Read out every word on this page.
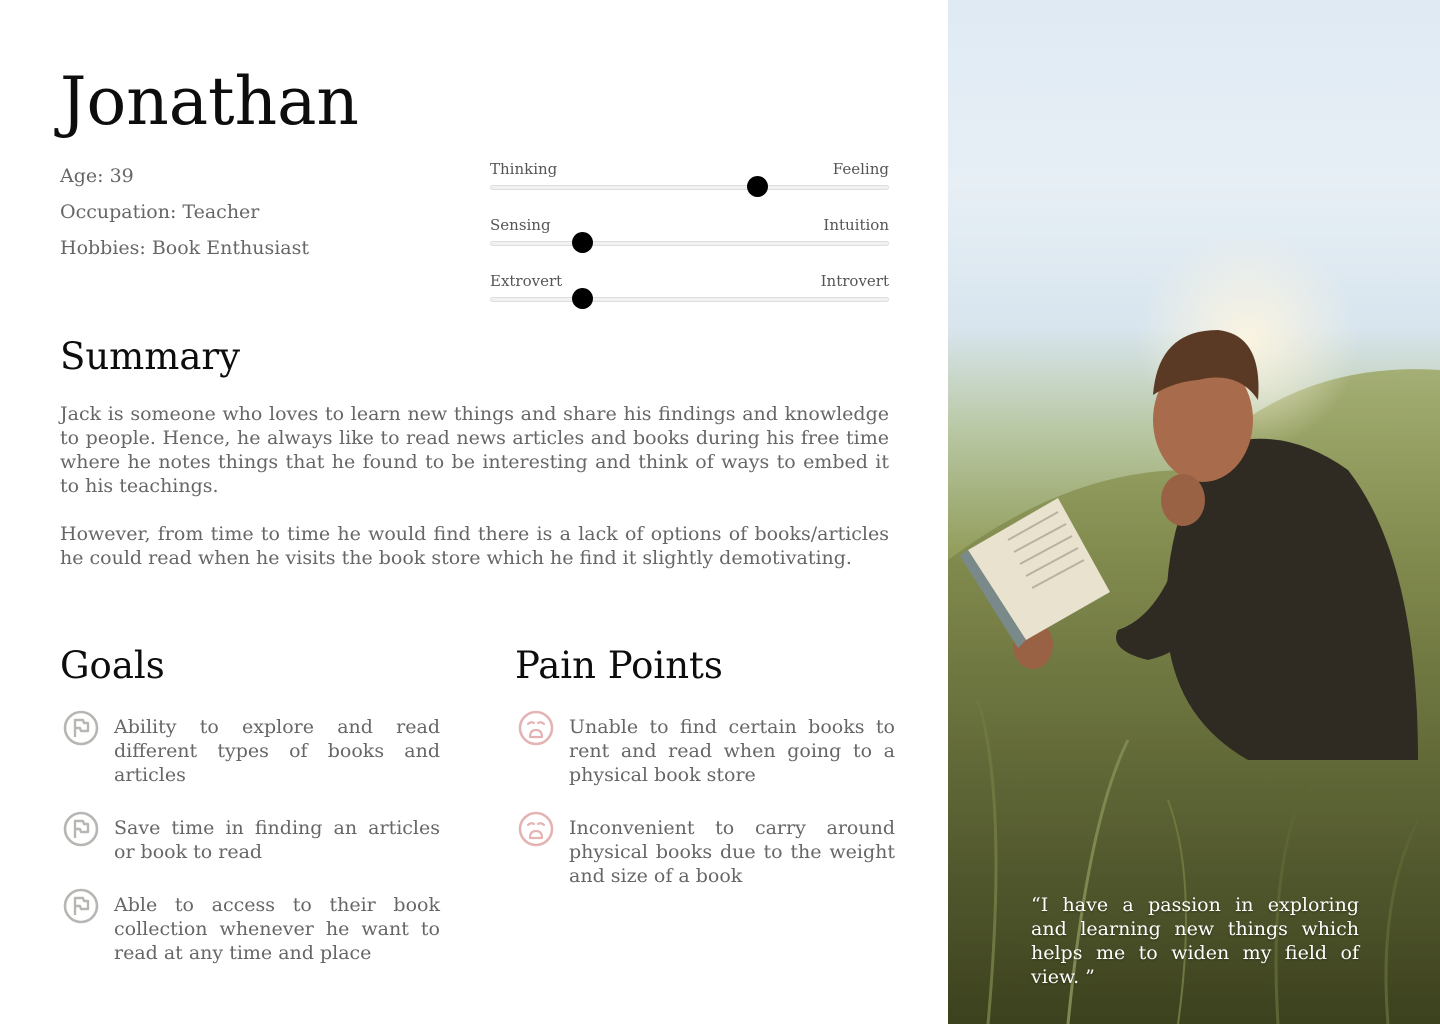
Jonathan
Age: 39
Occupation: Teacher
Hobbies: Book Enthusiast
Thinking	Feeling
Sensing	Intuition
Extrovert	Introvert
Summary

Jack is someone who loves to learn new things and share his findings and knowledge to people. Hence, he always like to read news articles and books during his free time where he notes things that he found to be interesting and think of ways to embed it to his teachings.

However, from time to time he would find there is a lack of options of books/articles he could read when he visits the book store which he find it slightly demotivating.

Goals
Ability to explore and read different types of books and articles
Save time in finding an articles or book to read
Able to access to their book collection whenever he want to read at any time and place
Pain Points
Unable to find certain books to rent and read when going to a physical book store
Inconvenient to carry around physical books due to the weight and size of a book

“I have a passion in exploring and learning new things which helps me to widen my field of view. ”
